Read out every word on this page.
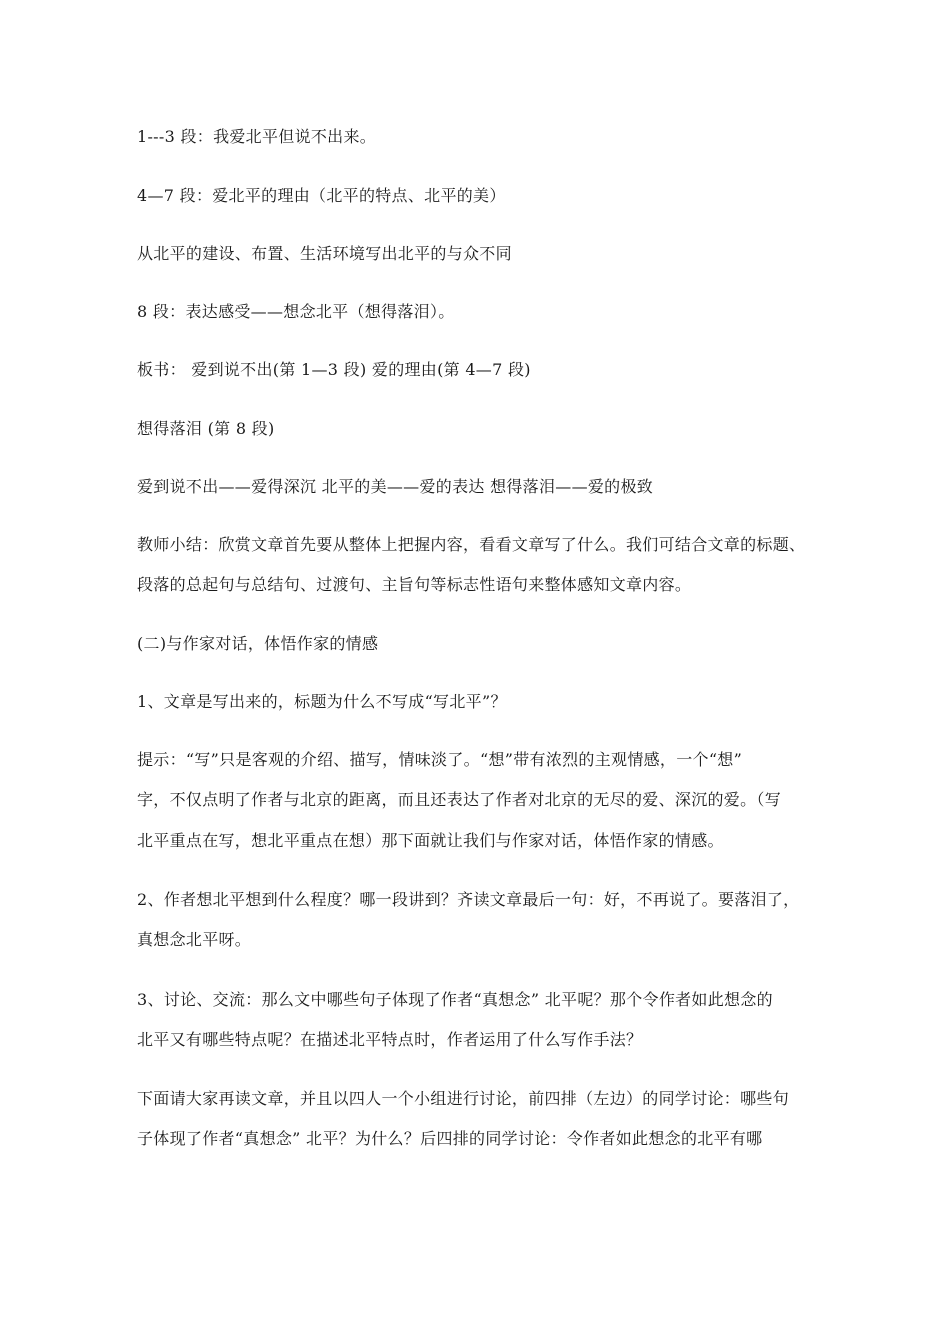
1---3 段：我爱北平但说不出来。
4—7 段：爱北平的理由（北平的特点、北平的美）
从北平的建设、布置、生活环境写出北平的与众不同
8 段：表达感受——想念北平（想得落泪）。
板书： 爱到说不出(第 1—3 段) 爱的理由(第 4—7 段)
想得落泪 (第 8 段)
爱到说不出——爱得深沉 北平的美——爱的表达 想得落泪——爱的极致
教师小结：欣赏文章首先要从整体上把握内容，看看文章写了什么。我们可结合文章的标题、
段落的总起句与总结句、过渡句、主旨句等标志性语句来整体感知文章内容。
(二)与作家对话，体悟作家的情感
1、文章是写出来的，标题为什么不写成“写北平”？
提示：“写”只是客观的介绍、描写，情味淡了。“想”带有浓烈的主观情感，一个“想”
字，不仅点明了作者与北京的距离，而且还表达了作者对北京的无尽的爱、深沉的爱。（写
北平重点在写，想北平重点在想）那下面就让我们与作家对话，体悟作家的情感。
2、作者想北平想到什么程度？哪一段讲到？齐读文章最后一句：好，不再说了。要落泪了，
真想念北平呀。
3、讨论、交流：那么文中哪些句子体现了作者“真想念” 北平呢？那个令作者如此想念的
北平又有哪些特点呢？在描述北平特点时，作者运用了什么写作手法？
下面请大家再读文章，并且以四人一个小组进行讨论，前四排（左边）的同学讨论：哪些句
子体现了作者“真想念” 北平？为什么？后四排的同学讨论：令作者如此想念的北平有哪
